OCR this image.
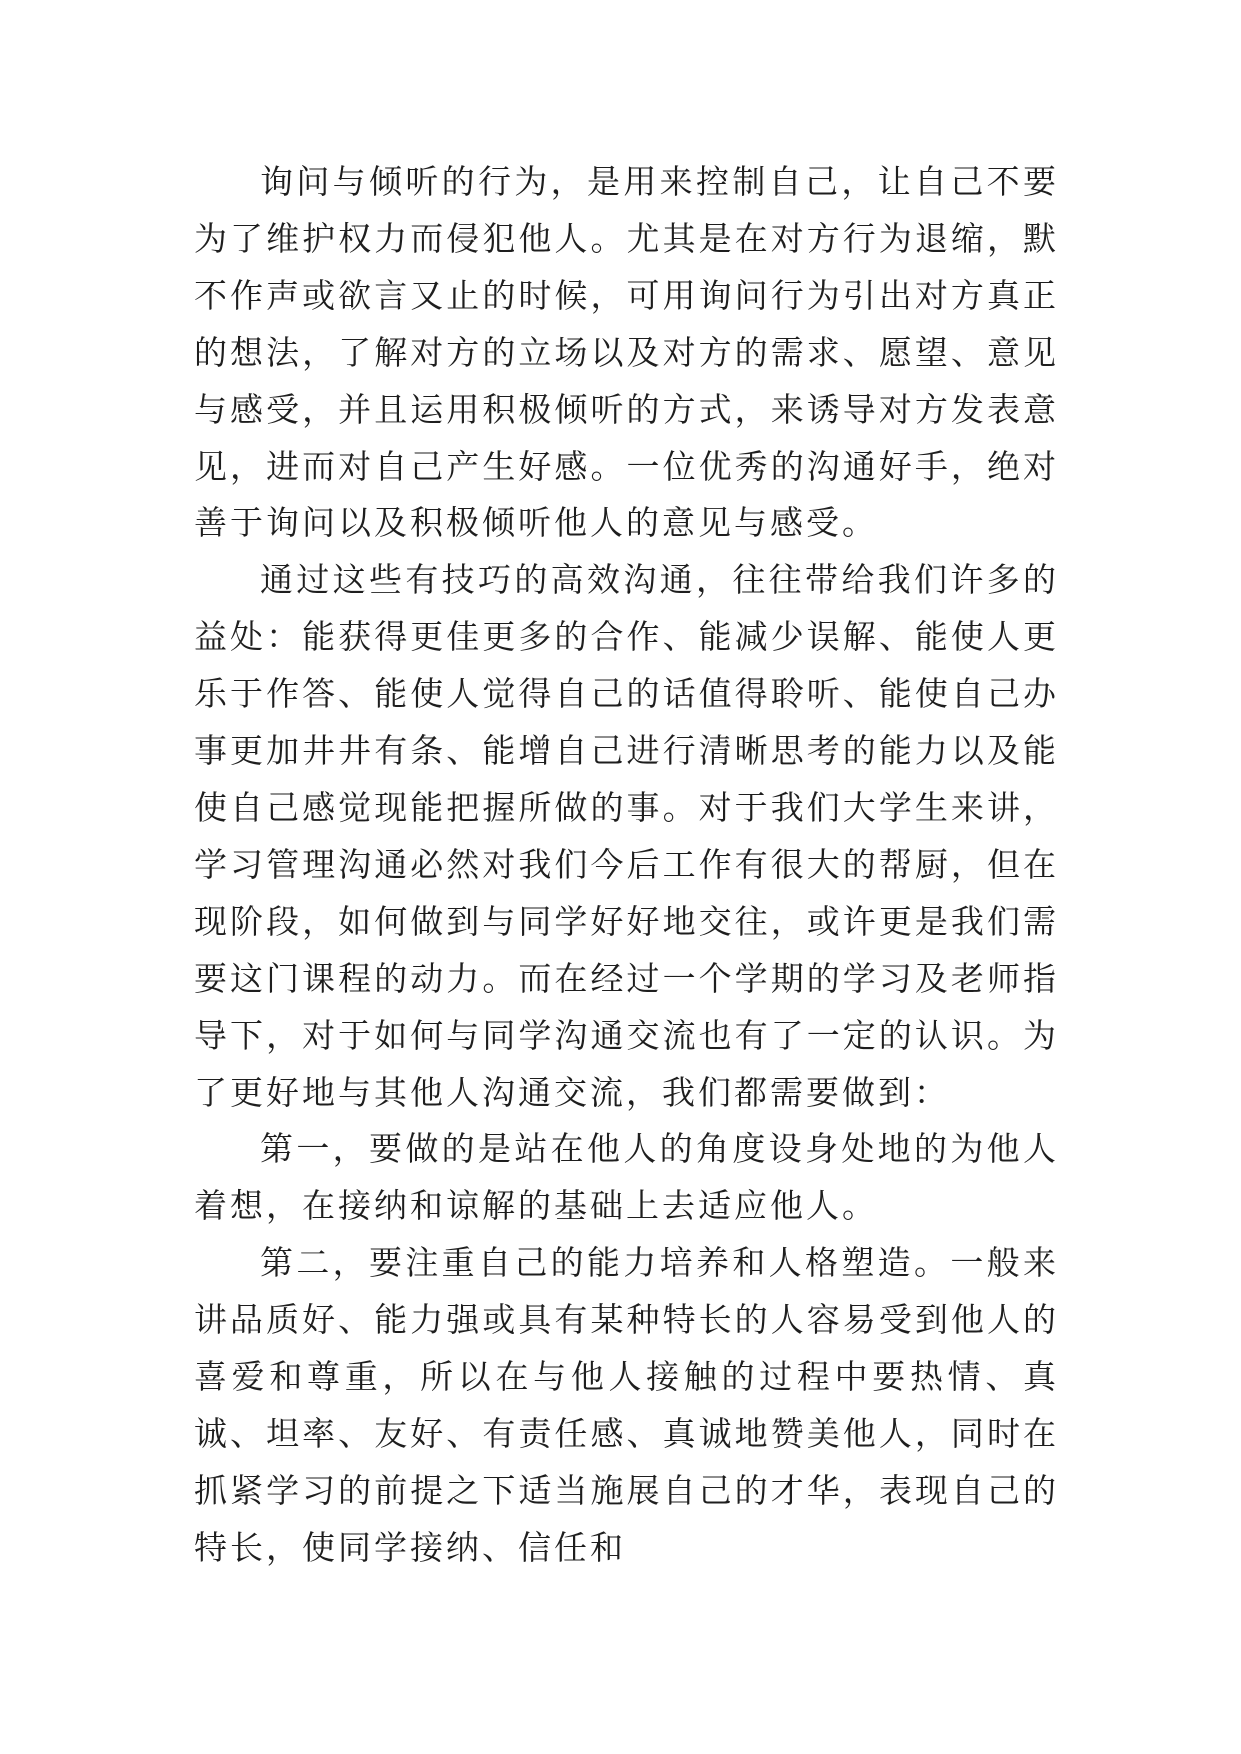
询问与倾听的行为，是用来控制自己，让自己不要为了维护权力而侵犯他人。尤其是在对方行为退缩，默不作声或欲言又止的时候，可用询问行为引出对方真正的想法，了解对方的立场以及对方的需求、愿望、意见与感受，并且运用积极倾听的方式，来诱导对方发表意见，进而对自己产生好感。一位优秀的沟通好手，绝对善于询问以及积极倾听他人的意见与感受。

通过这些有技巧的高效沟通，往往带给我们许多的益处：能获得更佳更多的合作、能减少误解、能使人更乐于作答、能使人觉得自己的话值得聆听、能使自己办事更加井井有条、能增自己进行清晰思考的能力以及能使自己感觉现能把握所做的事。对于我们大学生来讲，学习管理沟通必然对我们今后工作有很大的帮厨，但在现阶段，如何做到与同学好好地交往，或许更是我们需要这门课程的动力。而在经过一个学期的学习及老师指导下，对于如何与同学沟通交流也有了一定的认识。为了更好地与其他人沟通交流，我们都需要做到：

第一，要做的是站在他人的角度设身处地的为他人着想，在接纳和谅解的基础上去适应他人。

第二，要注重自己的能力培养和人格塑造。一般来讲品质好、能力强或具有某种特长的人容易受到他人的喜爱和尊重，所以在与他人接触的过程中要热情、真诚、坦率、友好、有责任感、真诚地赞美他人，同时在抓紧学习的前提之下适当施展自己的才华，表现自己的特长，使同学接纳、信任和
